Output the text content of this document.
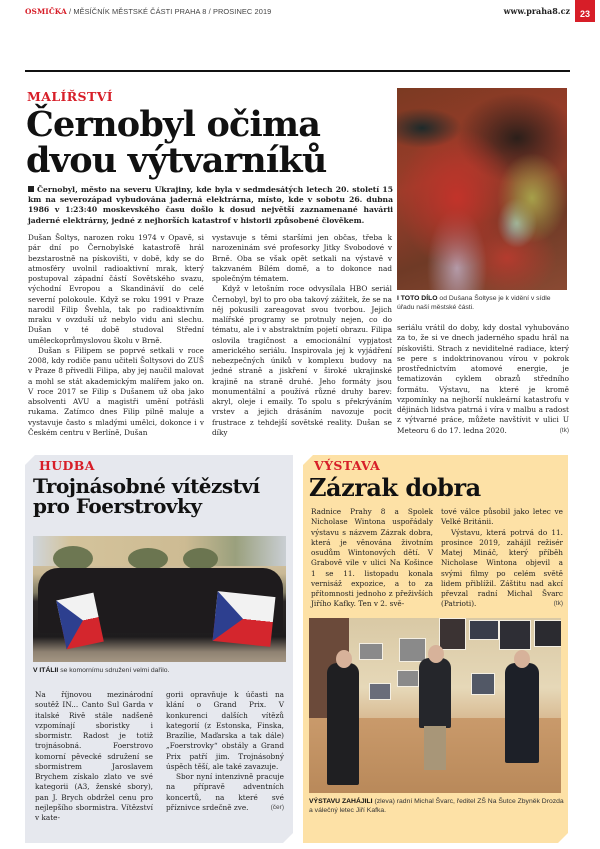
OSMIČKA / MĚSÍČNÍK MĚSTSKÉ ČÁSTI PRAHA 8 / PROSINEC 2019	www.praha8.cz	23
MALÍŘSTVÍ
Černobyl očima
dvou výtvarníků
Černobyl, město na severu Ukrajiny, kde byla v sedmdesátých letech 20. století 15 km na severozápad vybudována jaderná elektrárna, místo, kde v sobotu 26. dubna 1986 v 1:23:40 moskevského času došlo k dosud největší zaznamenané havárii jaderné elektrárny, jedné z nejhorších katastrof v historii způsobené člověkem.

Dušan Šoltys, narozen roku 1974 v Opavě, si pár dní po Černobylské katastrofě hrál bezstarostně na pískovišti, v době, kdy se do atmosféry uvolnil radioaktivní mrak, který postupoval západní částí Sovětského svazu, východní Evropou a Skandinávií do celé severní polokoule. Když se roku 1991 v Praze narodil Filip Švehla, tak po radioaktivním mraku v ovzduší už nebylo vidu ani slechu. Dušan v té době studoval Střední uměleckoprůmyslovou školu v Brně.

Dušan s Filipem se poprvé setkali v roce 2008, kdy rodiče panu učiteli Šoltysovi do ZUŠ v Praze 8 přivedli Filipa, aby jej naučil malovat a mohl se stát akademickým malířem jako on. V roce 2017 se Filip s Dušanem už oba jako absolventi AVU a magistři umění potřásli rukama. Zatímco dnes Filip pilně maluje a vystavuje často s mladými umělci, dokonce i v Českém centru v Berlíně, Dušan

vystavuje s těmi staršími jen občas, třeba k narozeninám své profesorky Jitky Svobodové v Brně. Oba se však opět setkali na výstavě v takzvaném Bílém domě, a to dokonce nad společným tématem.

Když v letošním roce odvysílala HBO seriál Černobyl, byl to pro oba takový zážitek, že se na něj pokusili zareagovat svou tvorbou. Jejich malířské programy se protnuly nejen, co do tématu, ale i v abstraktním pojetí obrazu. Filipa oslovila tragičnost a emocionální vypjatost amerického seriálu. Inspirovala jej k vyjádření nebezpečných úniků v komplexu budovy na jedné straně a jiskření v široké ukrajinské krajině na straně druhé. Jeho formáty jsou monumentální a používá různé druhy barev: akryl, oleje i emaily. To spolu s překrýváním vrstev a jejich drásáním navozuje pocit frustrace z tehdejší sovětské reality. Dušan se díky

I TOTO DÍLO od Dušana Šoltyse je k vidění v sídle úřadu naší městské části.

seriálu vrátil do doby, kdy dostal vyhubováno za to, že si ve dnech jaderného spadu hrál na pískovišti. Strach z neviditelné radiace, který se pere s indoktrinovanou vírou v pokrok prostřednictvím atomové energie, je tematizován cyklem obrazů středního formátu. Výstavu, na které je kromě vzpomínky na nejhorší nukleární katastrofu v dějinách lidstva patrná i víra v malbu a radost z výtvarné práce, můžete navštívit v ulici U Meteoru 6 do 17. ledna 2020.	(tk)

HUDBA
Trojnásobné vítězství
pro Foerstrovky
V ITÁLII se komornímu sdružení velmi dařilo.

Na říjnovou mezinárodní soutěž IN... Canto Sul Garda v italské Rivě stále nadšeně vzpomínají sboristky i sbormistr. Radost je totiž trojnásobná. Foerstrovo komorní pěvecké sdružení se sbormistrem Jaroslavem Brychem získalo zlato ve své kategorii (A3, ženské sbory), pan J. Brych obdržel cenu pro nejlepšího sbormistra. Vítězství v kate-

gorii opravňuje k účasti na klání o Grand Prix. V konkurenci dalších vítězů kategorií (z Estonska, Finska, Brazílie, Maďarska a tak dále) „Foerstrovky“ obstály a Grand Prix patří jim. Trojnásobný úspěch těší, ale také zavazuje.

Sbor nyní intenzivně pracuje na přípravě adventních koncertů, na které své příznivce srdečně zve.	(čer)

VÝSTAVA
Zázrak dobra

Radnice Prahy 8 a Spolek Nicholase Wintona uspořádaly výstavu s názvem Zázrak dobra, která je věnována životním osudům Wintonových dětí. V Grabově vile v ulici Na Košince 1 se 11. listopadu konala vernisáž expozice, a to za přítomnosti jednoho z přeživších Jiřího Kafky. Ten v 2. svě-

tové válce působil jako letec ve Velké Británii.

Výstavu, která potrvá do 11. prosince 2019, zahájil režisér Matej Mináč, který příběh Nicholase Wintona objevil a svými filmy po celém světě lidem přiblížil. Záštitu nad akcí převzal radní Michal Švarc (Patrioti).	(tk)

VÝSTAVU ZAHÁJILI (zleva) radní Michal Švarc, ředitel ZŠ Na Šutce Zbyněk Drozda a válečný letec Jiří Kafka.
